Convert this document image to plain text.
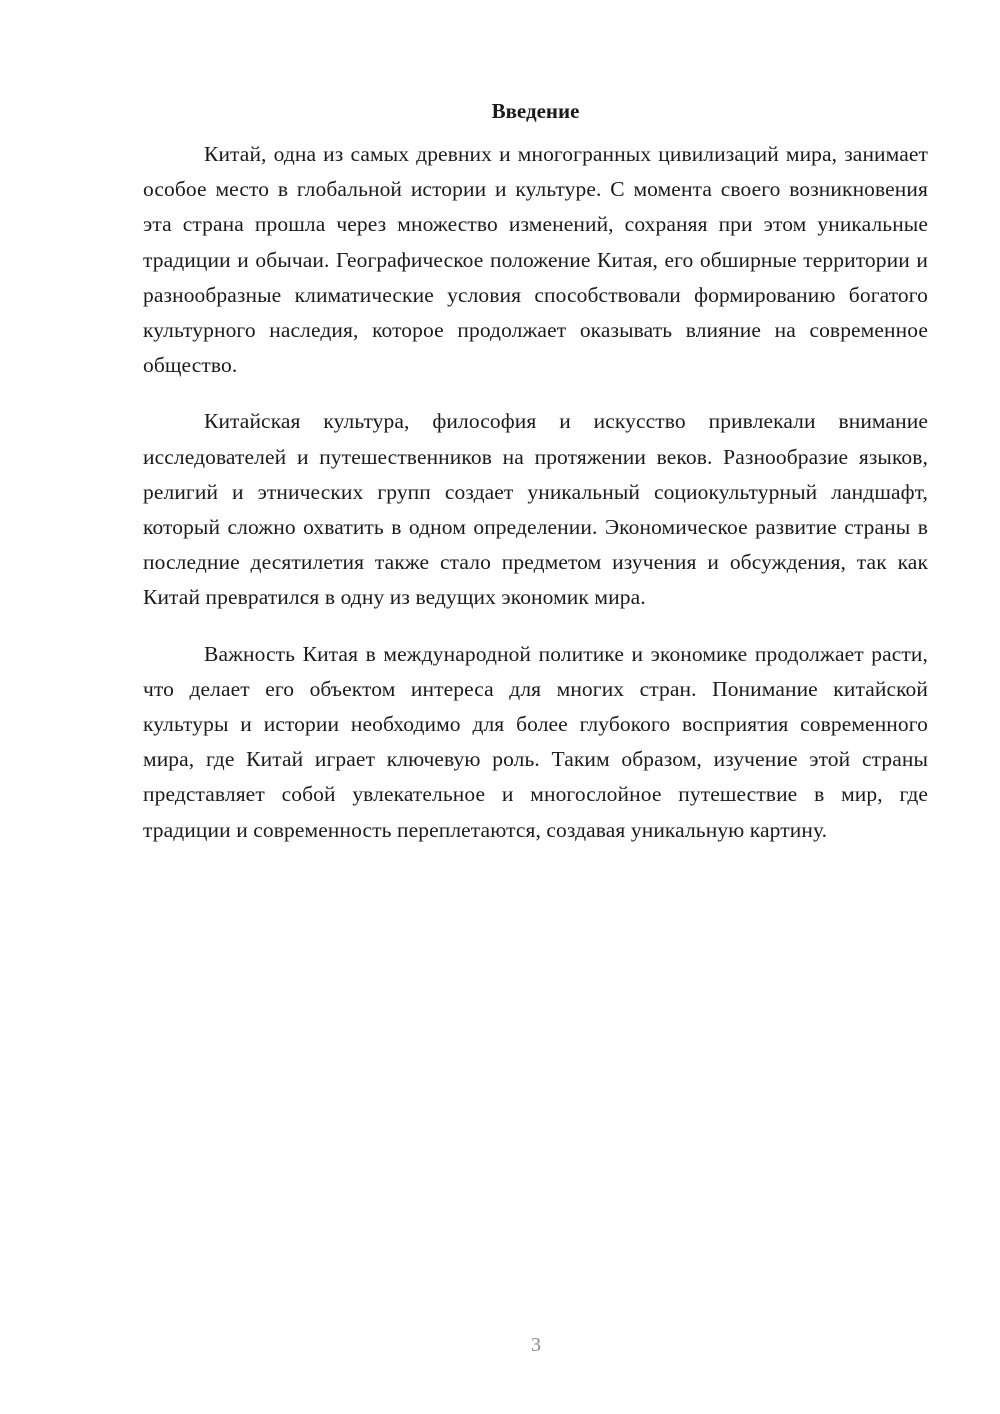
Введение

Китай, одна из самых древних и многогранных цивилизаций мира, занимает особое место в глобальной истории и культуре. С момента своего возникновения эта страна прошла через множество изменений, сохраняя при этом уникальные традиции и обычаи. Географическое положение Китая, его обширные территории и разнообразные климатические условия способствовали формированию богатого культурного наследия, которое продолжает оказывать влияние на современное общество.

Китайская культура, философия и искусство привлекали внимание исследователей и путешественников на протяжении веков. Разнообразие языков, религий и этнических групп создает уникальный социокультурный ландшафт, который сложно охватить в одном определении. Экономическое развитие страны в последние десятилетия также стало предметом изучения и обсуждения, так как Китай превратился в одну из ведущих экономик мира.

Важность Китая в международной политике и экономике продолжает расти, что делает его объектом интереса для многих стран. Понимание китайской культуры и истории необходимо для более глубокого восприятия современного мира, где Китай играет ключевую роль. Таким образом, изучение этой страны представляет собой увлекательное и многослойное путешествие в мир, где традиции и современность переплетаются, создавая уникальную картину.

3
